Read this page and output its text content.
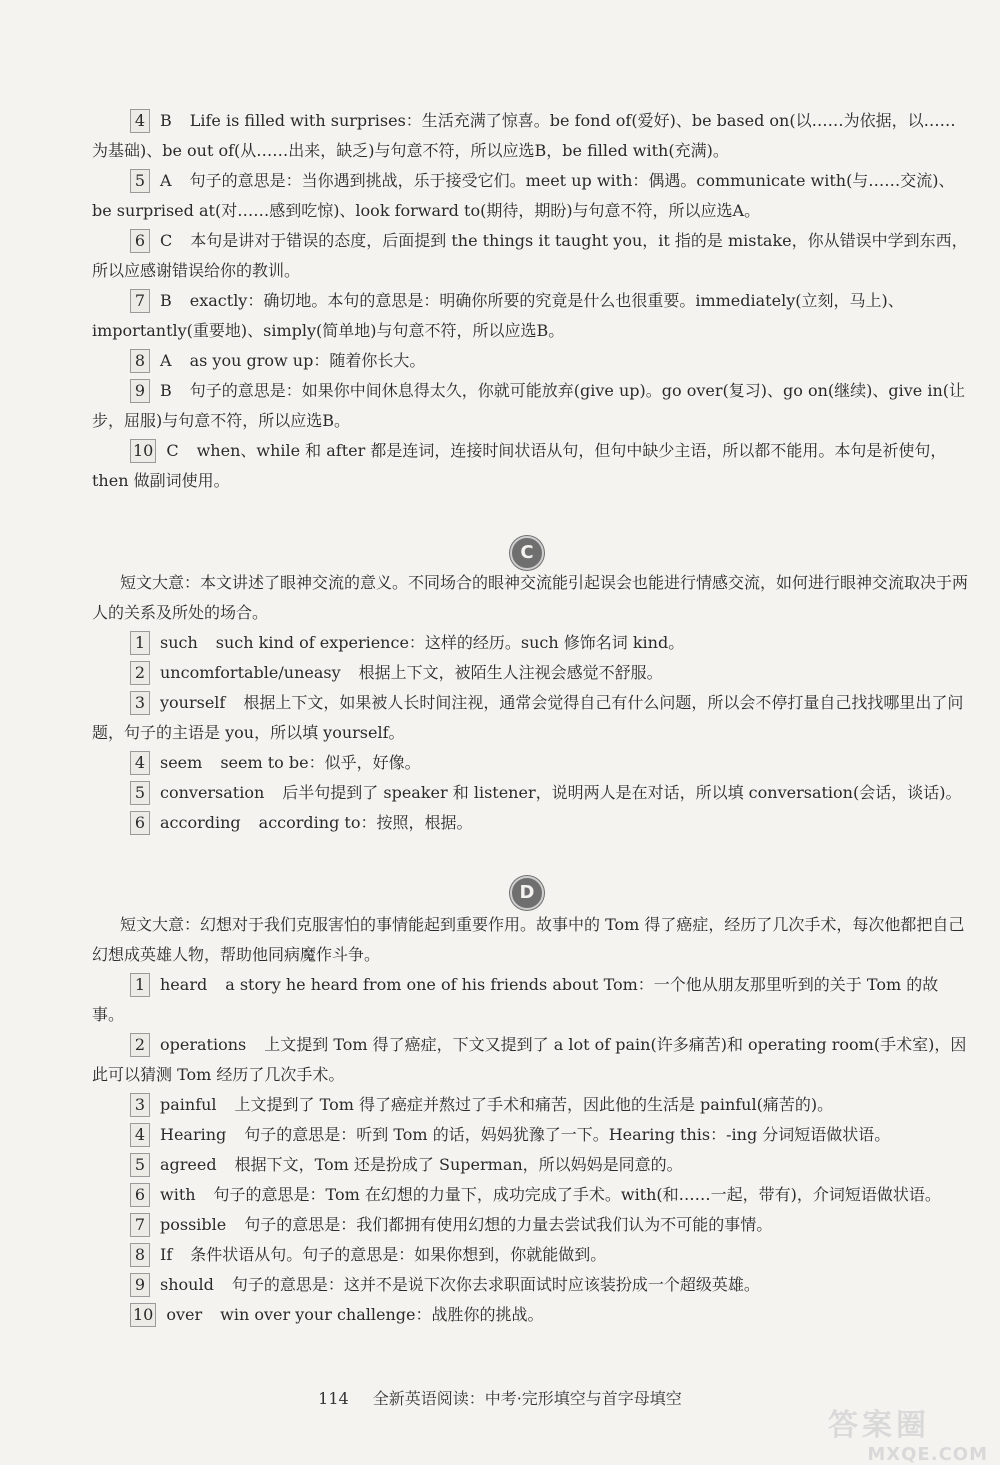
4 B Life is filled with surprises：生活充满了惊喜。be fond of(爱好)、be based on(以……为依据，以……为基础)、be out of(从……出来，缺乏)与句意不符，所以应选B，be filled with(充满)。

5 A 句子的意思是：当你遇到挑战，乐于接受它们。meet up with：偶遇。communicate with(与……交流)、be surprised at(对……感到吃惊)、look forward to(期待，期盼)与句意不符，所以应选A。

6 C 本句是讲对于错误的态度，后面提到 the things it taught you，it 指的是 mistake，你从错误中学到东西，所以应感谢错误给你的教训。

7 B exactly：确切地。本句的意思是：明确你所要的究竟是什么也很重要。immediately(立刻，马上)、importantly(重要地)、simply(简单地)与句意不符，所以应选B。

8 A as you grow up：随着你长大。

9 B 句子的意思是：如果你中间休息得太久，你就可能放弃(give up)。go over(复习)、go on(继续)、give in(让步，屈服)与句意不符，所以应选B。

10 C when、while 和 after 都是连词，连接时间状语从句，但句中缺少主语，所以都不能用。本句是祈使句，then 做副词使用。

C

短文大意：本文讲述了眼神交流的意义。不同场合的眼神交流能引起误会也能进行情感交流，如何进行眼神交流取决于两人的关系及所处的场合。

1 such such kind of experience：这样的经历。such 修饰名词 kind。

2 uncomfortable/uneasy 根据上下文，被陌生人注视会感觉不舒服。

3 yourself 根据上下文，如果被人长时间注视，通常会觉得自己有什么问题，所以会不停打量自己找找哪里出了问题，句子的主语是 you，所以填 yourself。

4 seem seem to be：似乎，好像。

5 conversation 后半句提到了 speaker 和 listener，说明两人是在对话，所以填 conversation(会话，谈话)。

6 according according to：按照，根据。

D

短文大意：幻想对于我们克服害怕的事情能起到重要作用。故事中的 Tom 得了癌症，经历了几次手术，每次他都把自己幻想成英雄人物，帮助他同病魔作斗争。

1 heard a story he heard from one of his friends about Tom：一个他从朋友那里听到的关于 Tom 的故事。

2 operations 上文提到 Tom 得了癌症，下文又提到了 a lot of pain(许多痛苦)和 operating room(手术室)，因此可以猜测 Tom 经历了几次手术。

3 painful 上文提到了 Tom 得了癌症并熬过了手术和痛苦，因此他的生活是 painful(痛苦的)。

4 Hearing 句子的意思是：听到 Tom 的话，妈妈犹豫了一下。Hearing this：-ing 分词短语做状语。

5 agreed 根据下文，Tom 还是扮成了 Superman，所以妈妈是同意的。

6 with 句子的意思是：Tom 在幻想的力量下，成功完成了手术。with(和……一起，带有)，介词短语做状语。

7 possible 句子的意思是：我们都拥有使用幻想的力量去尝试我们认为不可能的事情。

8 If 条件状语从句。句子的意思是：如果你想到，你就能做到。

9 should 句子的意思是：这并不是说下次你去求职面试时应该装扮成一个超级英雄。

10 over win over your challenge：战胜你的挑战。

114 全新英语阅读：中考·完形填空与首字母填空
答案圈
MXQE.COM
